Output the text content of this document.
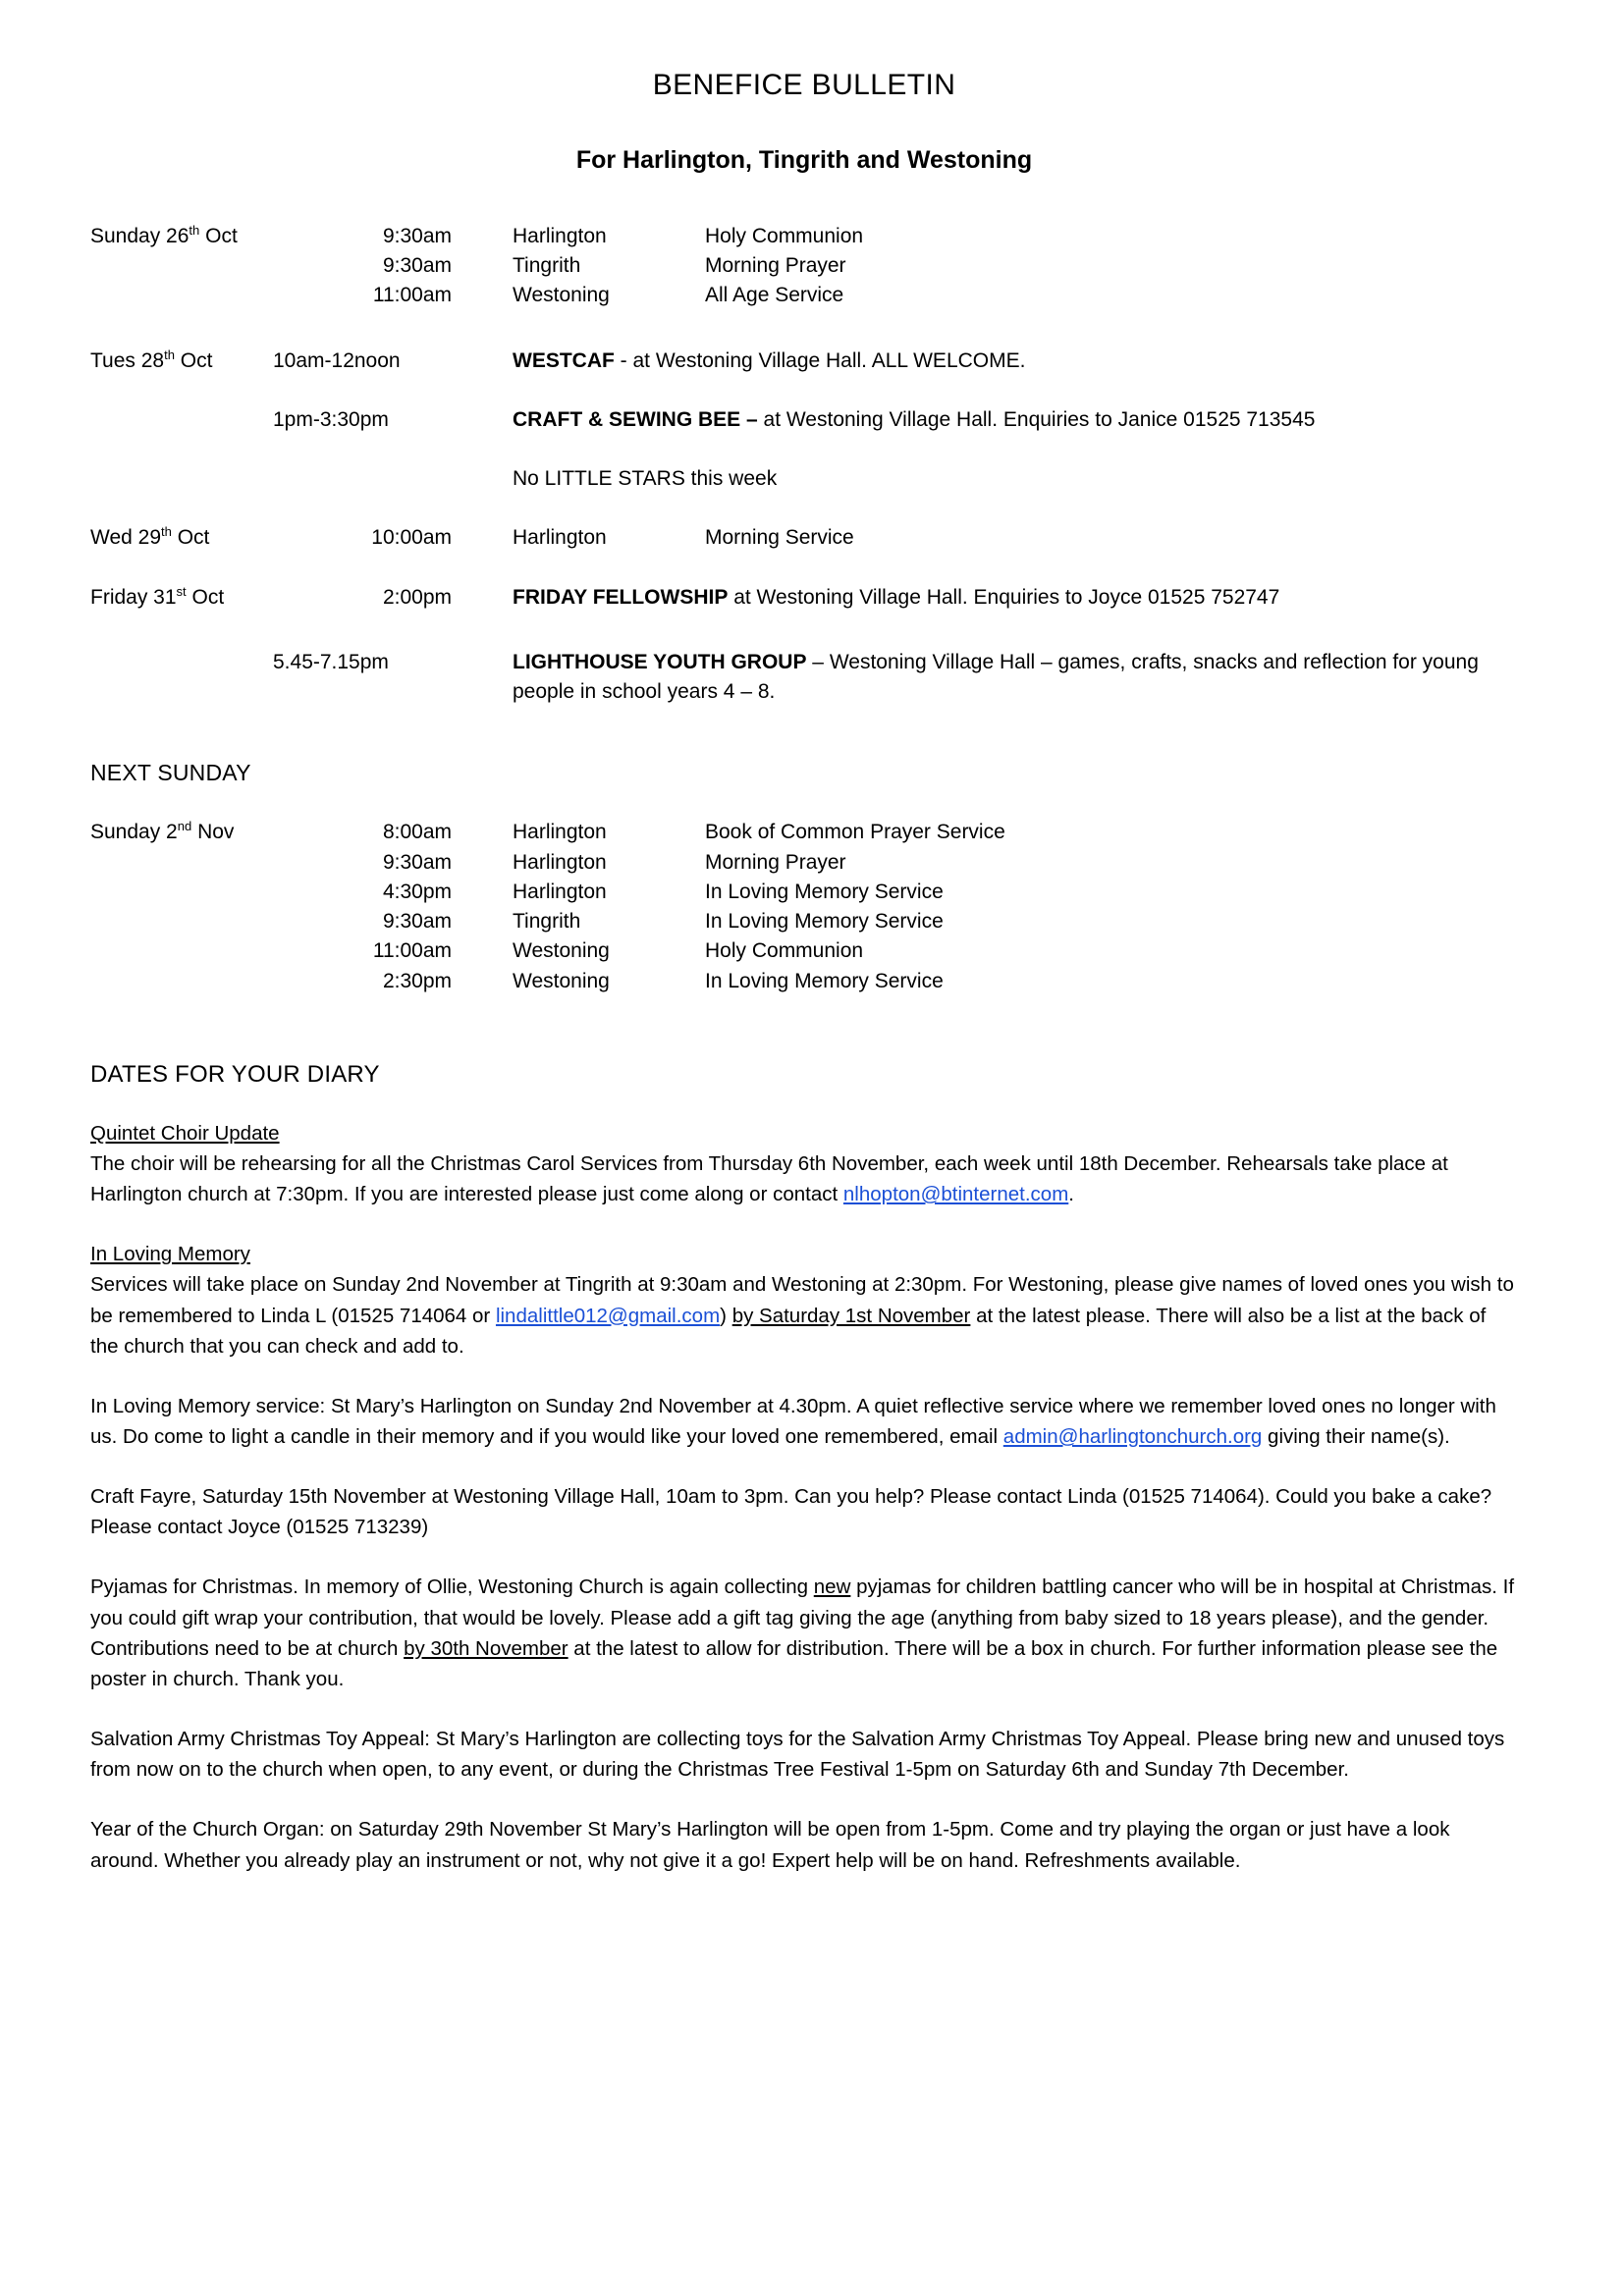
BENEFICE BULLETIN
For Harlington, Tingrith and Westoning
Sunday 26th Oct	9:30am	Harlington	Holy Communion
	9:30am	Tingrith	Morning Prayer
	11:00am	Westoning	All Age Service
Tues 28th Oct	10am-12noon	WESTCAF - at Westoning Village Hall. ALL WELCOME.	
	1pm-3:30pm	CRAFT & SEWING BEE – at Westoning Village Hall. Enquiries to Janice 01525 713545	
		No LITTLE STARS this week	
Wed 29th Oct	10:00am	Harlington	Morning Service
Friday 31st Oct	2:00pm	FRIDAY FELLOWSHIP at Westoning Village Hall. Enquiries to Joyce 01525 752747	
	5.45-7.15pm	LIGHTHOUSE YOUTH GROUP – Westoning Village Hall – games, crafts, snacks and reflection for young people in school years 4 – 8.	
NEXT SUNDAY
Sunday 2nd Nov	8:00am	Harlington	Book of Common Prayer Service
	9:30am	Harlington	Morning Prayer
	4:30pm	Harlington	In Loving Memory Service
	9:30am	Tingrith	In Loving Memory Service
	11:00am	Westoning	Holy Communion
	2:30pm	Westoning	In Loving Memory Service
DATES FOR YOUR DIARY

Quintet Choir Update
The choir will be rehearsing for all the Christmas Carol Services from Thursday 6th November, each week until 18th December. Rehearsals take place at Harlington church at 7:30pm. If you are interested please just come along or contact nlhopton@btinternet.com.

In Loving Memory
Services will take place on Sunday 2nd November at Tingrith at 9:30am and Westoning at 2:30pm. For Westoning, please give names of loved ones you wish to be remembered to Linda L (01525 714064 or lindalittle012@gmail.com) by Saturday 1st November at the latest please. There will also be a list at the back of the church that you can check and add to.

In Loving Memory service: St Mary’s Harlington on Sunday 2nd November at 4.30pm. A quiet reflective service where we remember loved ones no longer with us. Do come to light a candle in their memory and if you would like your loved one remembered, email admin@harlingtonchurch.org giving their name(s).

Craft Fayre, Saturday 15th November at Westoning Village Hall, 10am to 3pm. Can you help? Please contact Linda (01525 714064). Could you bake a cake? Please contact Joyce (01525 713239)

Pyjamas for Christmas. In memory of Ollie, Westoning Church is again collecting new pyjamas for children battling cancer who will be in hospital at Christmas. If you could gift wrap your contribution, that would be lovely. Please add a gift tag giving the age (anything from baby sized to 18 years please), and the gender. Contributions need to be at church by 30th November at the latest to allow for distribution. There will be a box in church. For further information please see the poster in church. Thank you.

Salvation Army Christmas Toy Appeal: St Mary’s Harlington are collecting toys for the Salvation Army Christmas Toy Appeal. Please bring new and unused toys from now on to the church when open, to any event, or during the Christmas Tree Festival 1-5pm on Saturday 6th and Sunday 7th December.

Year of the Church Organ: on Saturday 29th November St Mary’s Harlington will be open from 1-5pm. Come and try playing the organ or just have a look around. Whether you already play an instrument or not, why not give it a go! Expert help will be on hand. Refreshments available.
